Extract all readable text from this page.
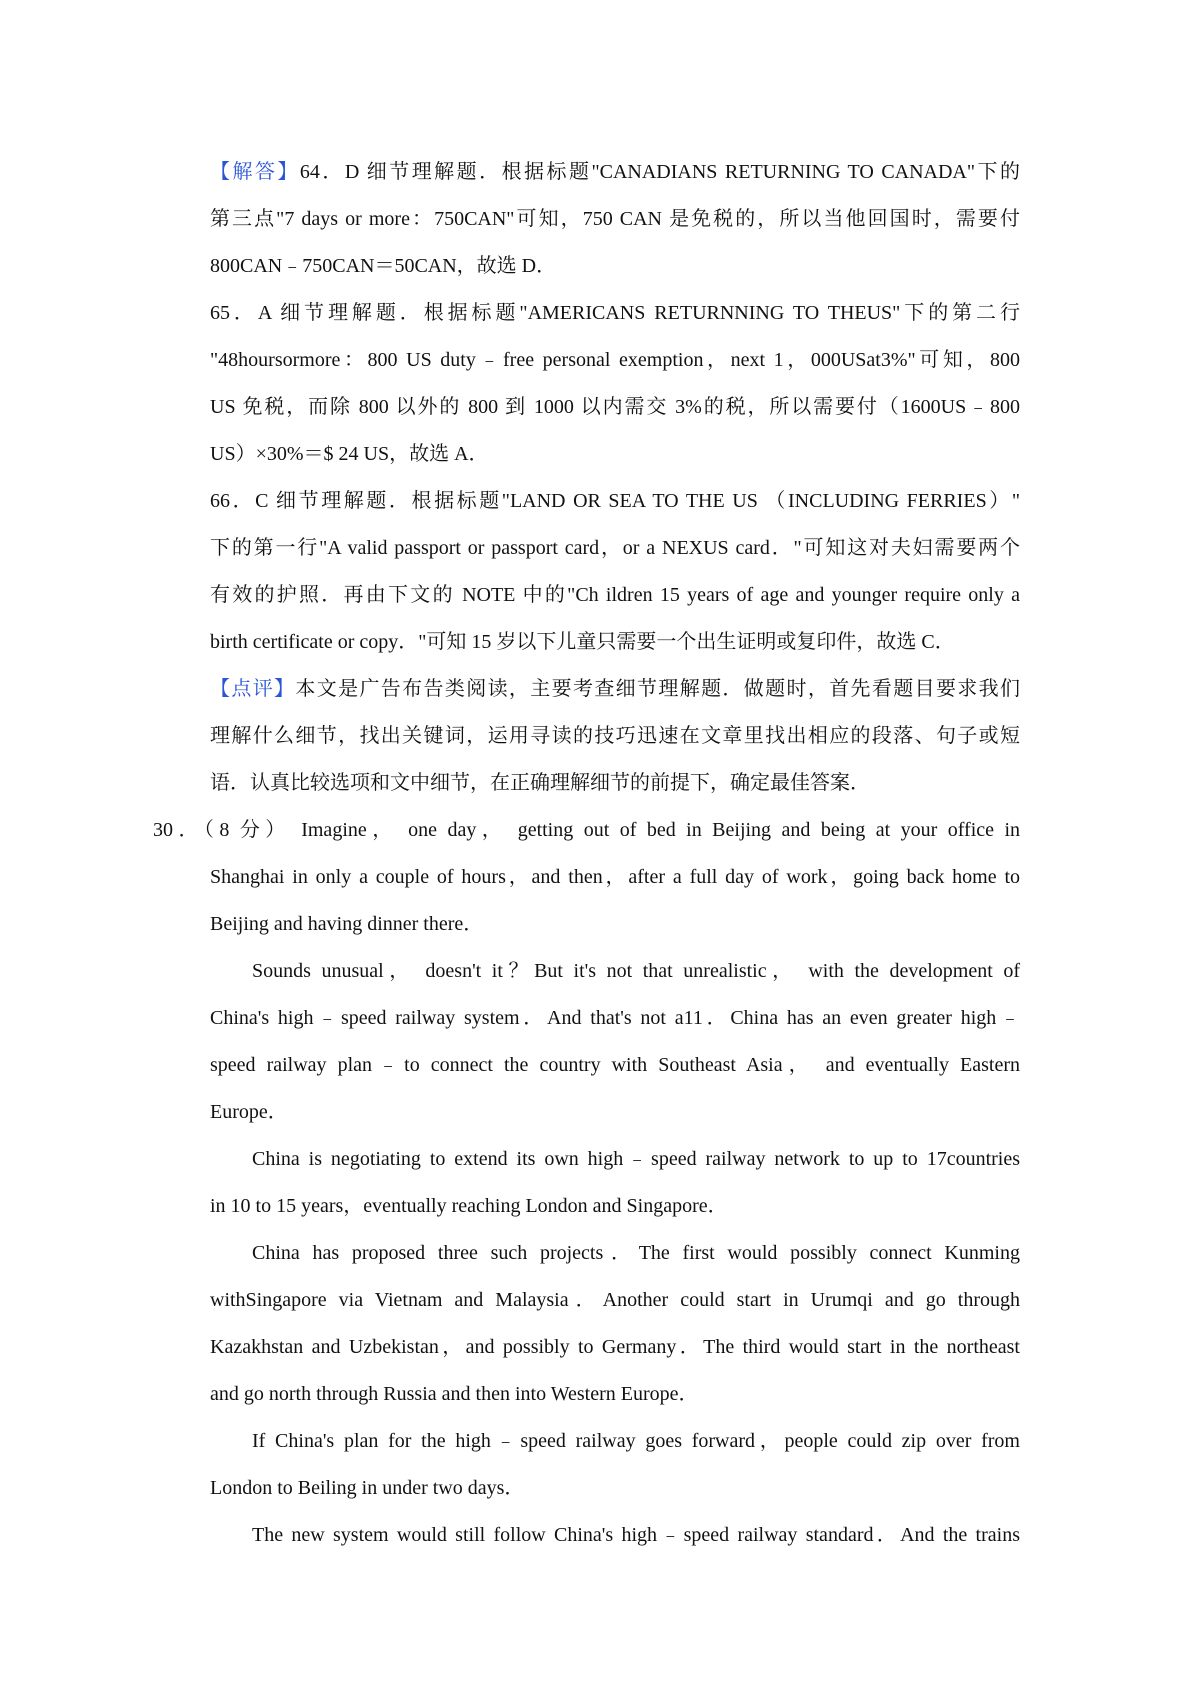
【解答】64．D 细节理解题．根据标题"CANADIANS RETURNING TO CANADA"下的
第三点"7 days or more：750CAN"可知，750 CAN 是免税的，所以当他回国时，需要付
800CAN﹣750CAN＝50CAN，故选 D．
65．A 细节理解题．根据标题"AMERICANS RETURNNING TO THEUS"下的第二行
"48hoursormore：800 US duty﹣free personal exemption，next 1，000USat3%"可知，800
US 免税，而除 800 以外的 800 到 1000 以内需交 3%的税，所以需要付（1600US﹣800
US）×30%＝$ 24 US，故选 A．
66．C 细节理解题．根据标题"LAND OR SEA TO THE US （INCLUDING FERRIES）"
下的第一行"A valid passport or passport card，or a NEXUS card．"可知这对夫妇需要两个
有效的护照．再由下文的 NOTE 中的"Ch ildren 15 years of age and younger require only a
birth certificate or copy．"可知 15 岁以下儿童只需要一个出生证明或复印件，故选 C．
【点评】本文是广告布告类阅读，主要考查细节理解题．做题时，首先看题目要求我们
理解什么细节，找出关键词，运用寻读的技巧迅速在文章里找出相应的段落、句子或短
语．认真比较选项和文中细节，在正确理解细节的前提下，确定最佳答案．
30．（8 分） Imagine， one day， getting out of bed in Beijing and being at your office in
Shanghai in only a couple of hours，and then，after a full day of work，going back home to
Beijing and having dinner there．
Sounds unusual， doesn't it？But it's not that unrealistic， with the development of
China's high﹣speed railway system．And that's not a11．China has an even greater high﹣
speed railway plan﹣to connect the country with Southeast Asia， and eventually Eastern
Europe．
China is negotiating to extend its own high﹣speed railway network to up to 17countries
in 10 to 15 years，eventually reaching London and Singapore．
China has proposed three such projects．The first would possibly connect Kunming
withSingapore via Vietnam and Malaysia．Another could start in Urumqi and go through
Kazakhstan and Uzbekistan，and possibly to Germany．The third would start in the northeast
and go north through Russia and then into Western Europe．
If China's plan for the high﹣speed railway goes forward，people could zip over from
London to Beiling in under two days．
The new system would still follow China's high﹣speed railway standard．And the trains
